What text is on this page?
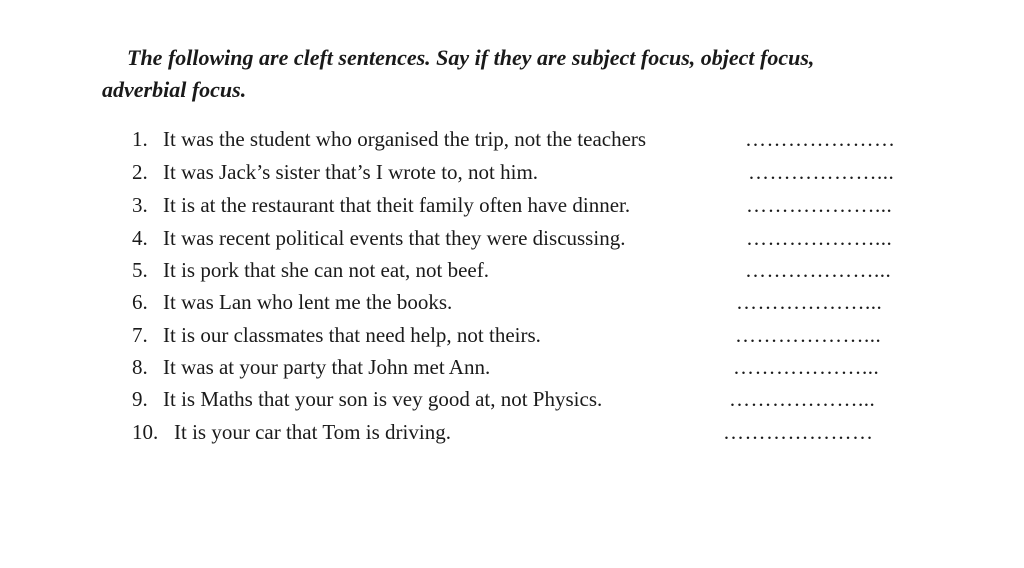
The following are cleft sentences. Say if they are subject focus, object focus, adverbial focus.

1. It was the student who organised the trip, not the teachers	…………………
2. It was Jack’s sister that’s I wrote to, not him.	………………...
3. It is at the restaurant that theit family often have dinner.	………………...
4. It was recent political events that they were discussing.	………………...
5. It is pork that she can not eat, not beef.	………………...
6. It was Lan who lent me the books.	………………...
7. It is our classmates that need help, not theirs.	………………...
8. It was at your party that John met Ann.	………………...
9. It is Maths that your son is vey good at, not Physics.	………………...
10. It is your car that Tom is driving.	…………………
